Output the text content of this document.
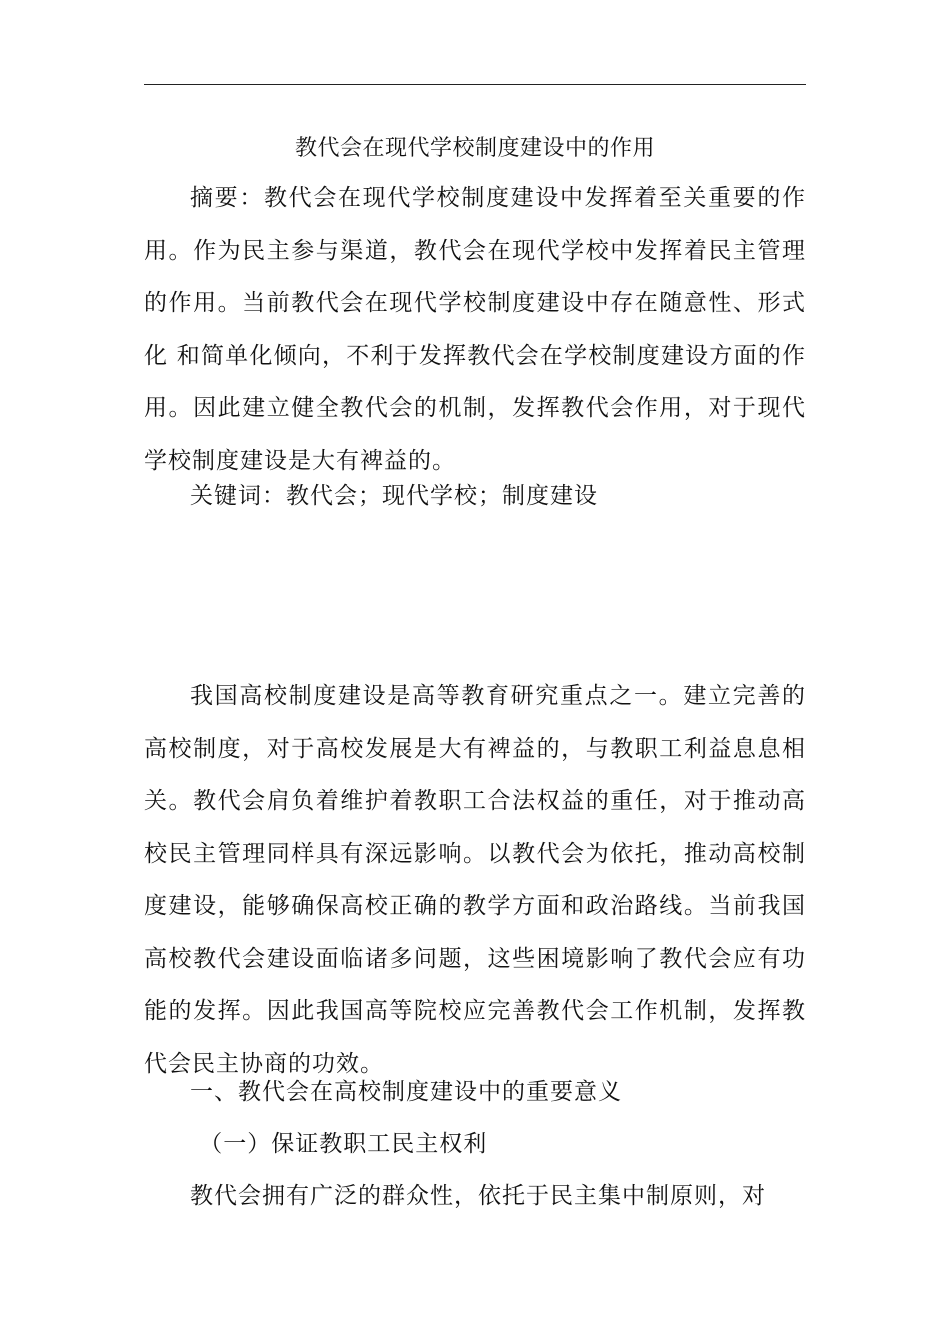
教代会在现代学校制度建设中的作用
摘要：教代会在现代学校制度建设中发挥着至关重要的作用。作为民主参与渠道，教代会在现代学校中发挥着民主管理的作用。当前教代会在现代学校制度建设中存在随意性、形式化 和简单化倾向，不利于发挥教代会在学校制度建设方面的作用。因此建立健全教代会的机制，发挥教代会作用，对于现代学校制度建设是大有裨益的。
关键词：教代会；现代学校；制度建设
我国高校制度建设是高等教育研究重点之一。建立完善的高校制度，对于高校发展是大有裨益的，与教职工利益息息相关。教代会肩负着维护着教职工合法权益的重任，对于推动高校民主管理同样具有深远影响。以教代会为依托，推动高校制度建设，能够确保高校正确的教学方面和政治路线。当前我国高校教代会建设面临诸多问题，这些困境影响了教代会应有功能的发挥。因此我国高等院校应完善教代会工作机制，发挥教代会民主协商的功效。
一、教代会在高校制度建设中的重要意义
（一）保证教职工民主权利
教代会拥有广泛的群众性，依托于民主集中制原则，对
